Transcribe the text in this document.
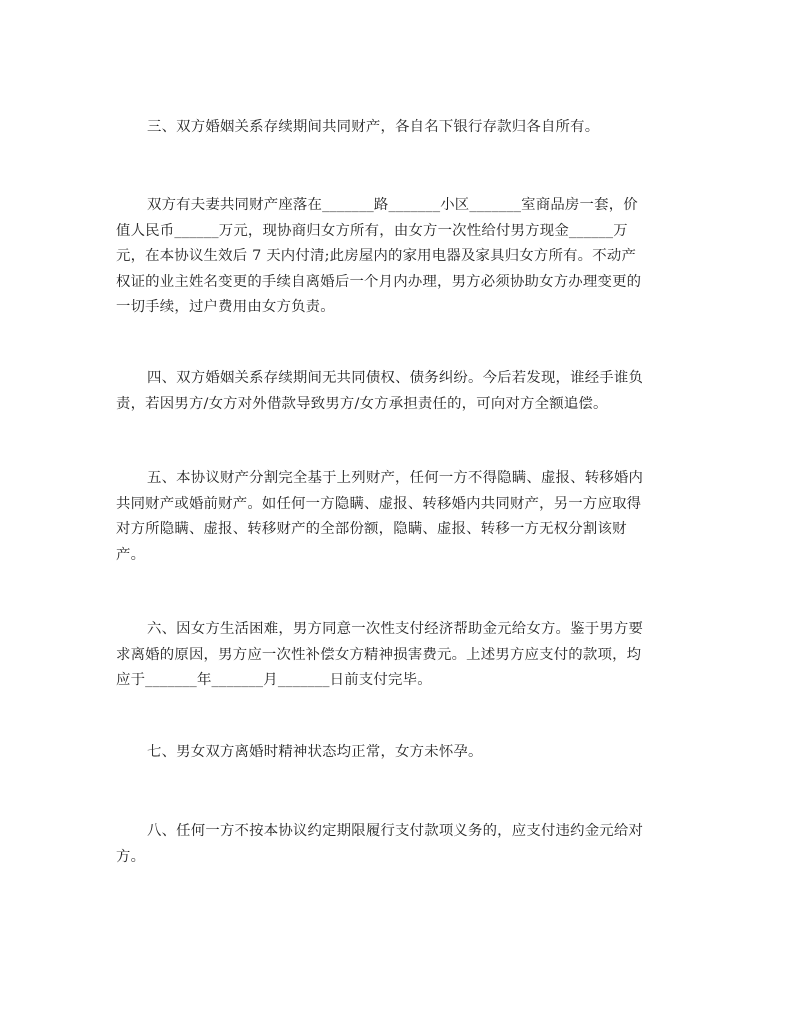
三、双方婚姻关系存续期间共同财产，各自名下银行存款归各自所有。
双方有夫妻共同财产座落在_______路_______小区_______室商品房一套，价
值人民币______万元，现协商归女方所有，由女方一次性给付男方现金______万
元，在本协议生效后 7 天内付清;此房屋内的家用电器及家具归女方所有。不动产
权证的业主姓名变更的手续自离婚后一个月内办理，男方必须协助女方办理变更的
一切手续，过户费用由女方负责。
四、双方婚姻关系存续期间无共同债权、债务纠纷。今后若发现，谁经手谁负
责，若因男方/女方对外借款导致男方/女方承担责任的，可向对方全额追偿。
五、本协议财产分割完全基于上列财产，任何一方不得隐瞒、虚报、转移婚内
共同财产或婚前财产。如任何一方隐瞒、虚报、转移婚内共同财产，另一方应取得
对方所隐瞒、虚报、转移财产的全部份额，隐瞒、虚报、转移一方无权分割该财
产。
六、因女方生活困难，男方同意一次性支付经济帮助金元给女方。鉴于男方要
求离婚的原因，男方应一次性补偿女方精神损害费元。上述男方应支付的款项，均
应于_______年_______月_______日前支付完毕。
七、男女双方离婚时精神状态均正常，女方未怀孕。
八、任何一方不按本协议约定期限履行支付款项义务的，应支付违约金元给对
方。
